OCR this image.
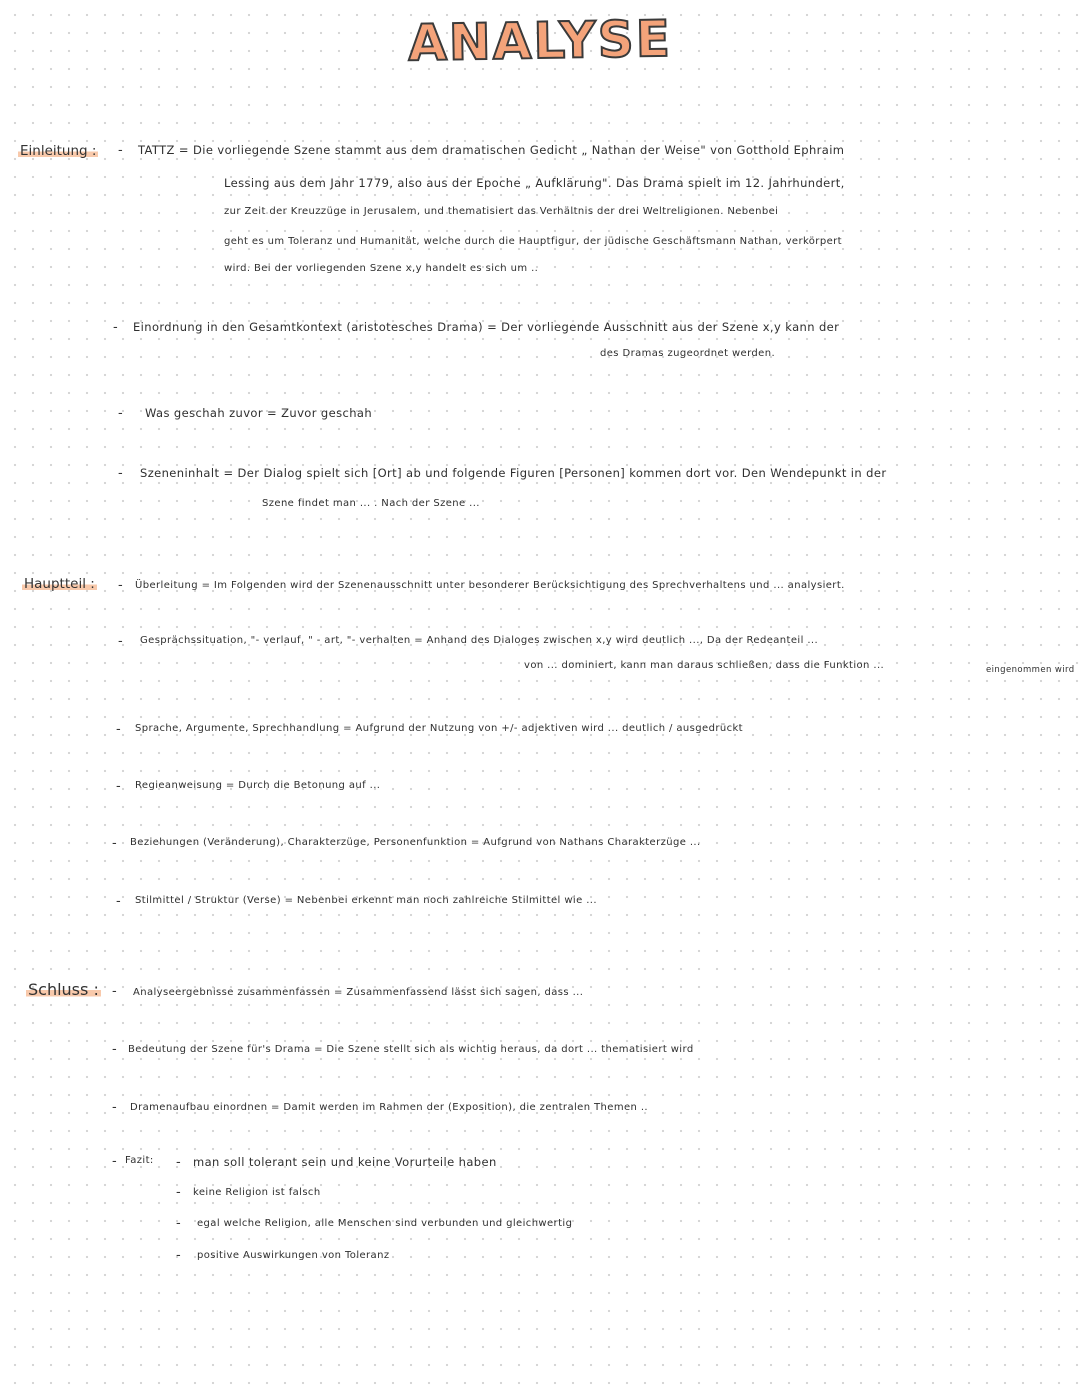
ANALYSE
Einleitung : - TATTZ = Die vorliegende Szene stammt aus dem dramatischen Gedicht „ Nathan der Weise" von Gotthold Ephraim
Lessing aus dem Jahr 1779, also aus der Epoche „ Aufklärung". Das Drama spielt im 12. Jahrhundert,
zur Zeit der Kreuzzüge in Jerusalem, und thematisiert das Verhältnis der drei Weltreligionen. Nebenbei
geht es um Toleranz und Humanität, welche durch die Hauptfigur, der jüdische Geschäftsmann Nathan, verkörpert
wird. Bei der vorliegenden Szene x,y handelt es sich um ..
- Einordnung in den Gesamtkontext (aristotesches Drama) = Der vorliegende Ausschnitt aus der Szene x,y kann der
des Dramas zugeordnet werden.
- Was geschah zuvor = Zuvor geschah
- Szeneninhalt = Der Dialog spielt sich [Ort] ab und folgende Figuren [Personen] kommen dort vor. Den Wendepunkt in der
Szene findet man ... . Nach der Szene ...
Hauptteil : - Überleitung = Im Folgenden wird der Szenenausschnitt unter besonderer Berücksichtigung des Sprechverhaltens und ... analysiert.
- Gesprächssituation, "- verlauf, " - art, "- verhalten = Anhand des Dialoges zwischen x,y wird deutlich ..., Da der Redeanteil ...
von ... dominiert, kann man daraus schließen, dass die Funktion ...	eingenommen wird
- Sprache, Argumente, Sprechhandlung = Aufgrund der Nutzung von +/- adjektiven wird ... deutlich / ausgedrückt
- Regieanweisung = Durch die Betonung auf ...
- Beziehungen (Veränderung), Charakterzüge, Personenfunktion = Aufgrund von Nathans Charakterzüge ...
- Stilmittel / Struktur (Verse) = Nebenbei erkennt man noch zahlreiche Stilmittel wie ...
Schluss : - Analyseergebnisse zusammenfassen = Zusammenfassend lässt sich sagen, dass ...
- Bedeutung der Szene für's Drama = Die Szene stellt sich als wichtig heraus, da dort ... thematisiert wird
- Dramenaufbau einordnen = Damit werden im Rahmen der (Exposition), die zentralen Themen ..
- Fazit: - man soll tolerant sein und keine Vorurteile haben
- keine Religion ist falsch
- egal welche Religion, alle Menschen sind verbunden und gleichwertig
- positive Auswirkungen von Toleranz
